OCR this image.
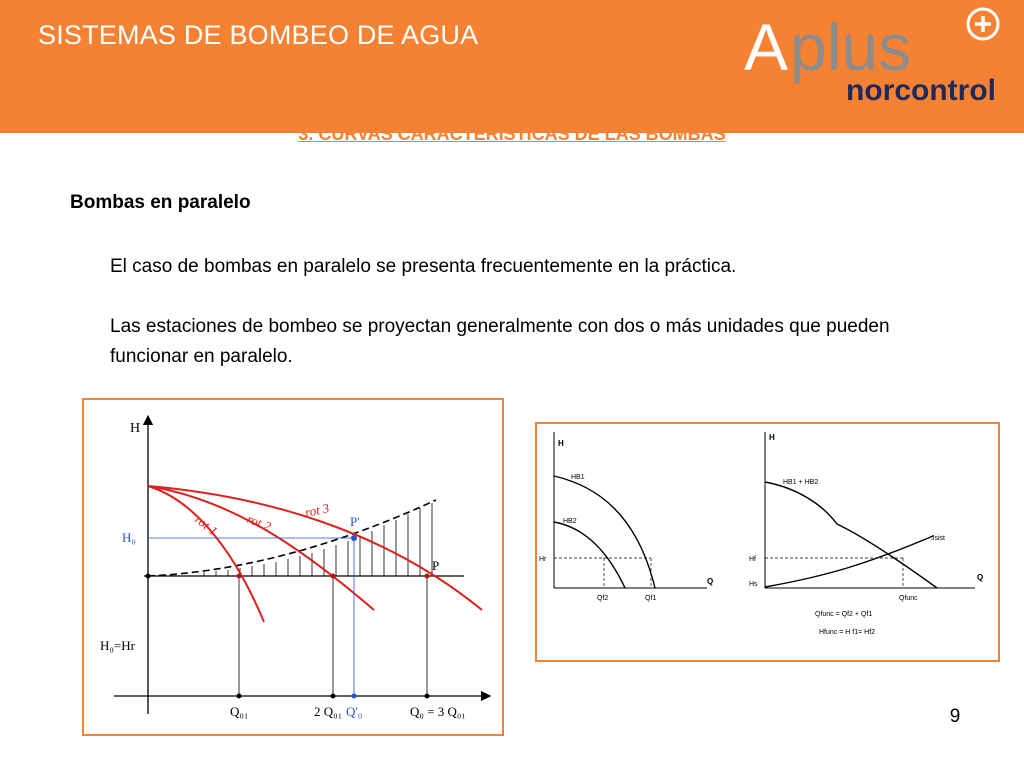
SISTEMAS DE BOMBEO DE AGUA	A plus
norcontrol
3. CURVAS CARACTERISTICAS DE LAS BOMBAS
Bombas en paralelo
El caso de bombas en paralelo se presenta frecuentemente en la práctica.
Las estaciones de bombeo se proyectan generalmente con dos o más unidades que pueden funcionar en paralelo.
H
rot 1 rot 2
rot 3
H₀
P'
P
H₀=Hr
Q₀₁	2 Q₀₁ Q'₀	Q₀ = 3 Q₀₁
H
Q
HB1
HB2
Hr
Qf2	Qf1
H
Q
HB1 + HB2
Jsist
Hf
Hs
Qfunc
Qfunc = Qf2 + Qf1
Hfunc = H f1= Hf2
9
